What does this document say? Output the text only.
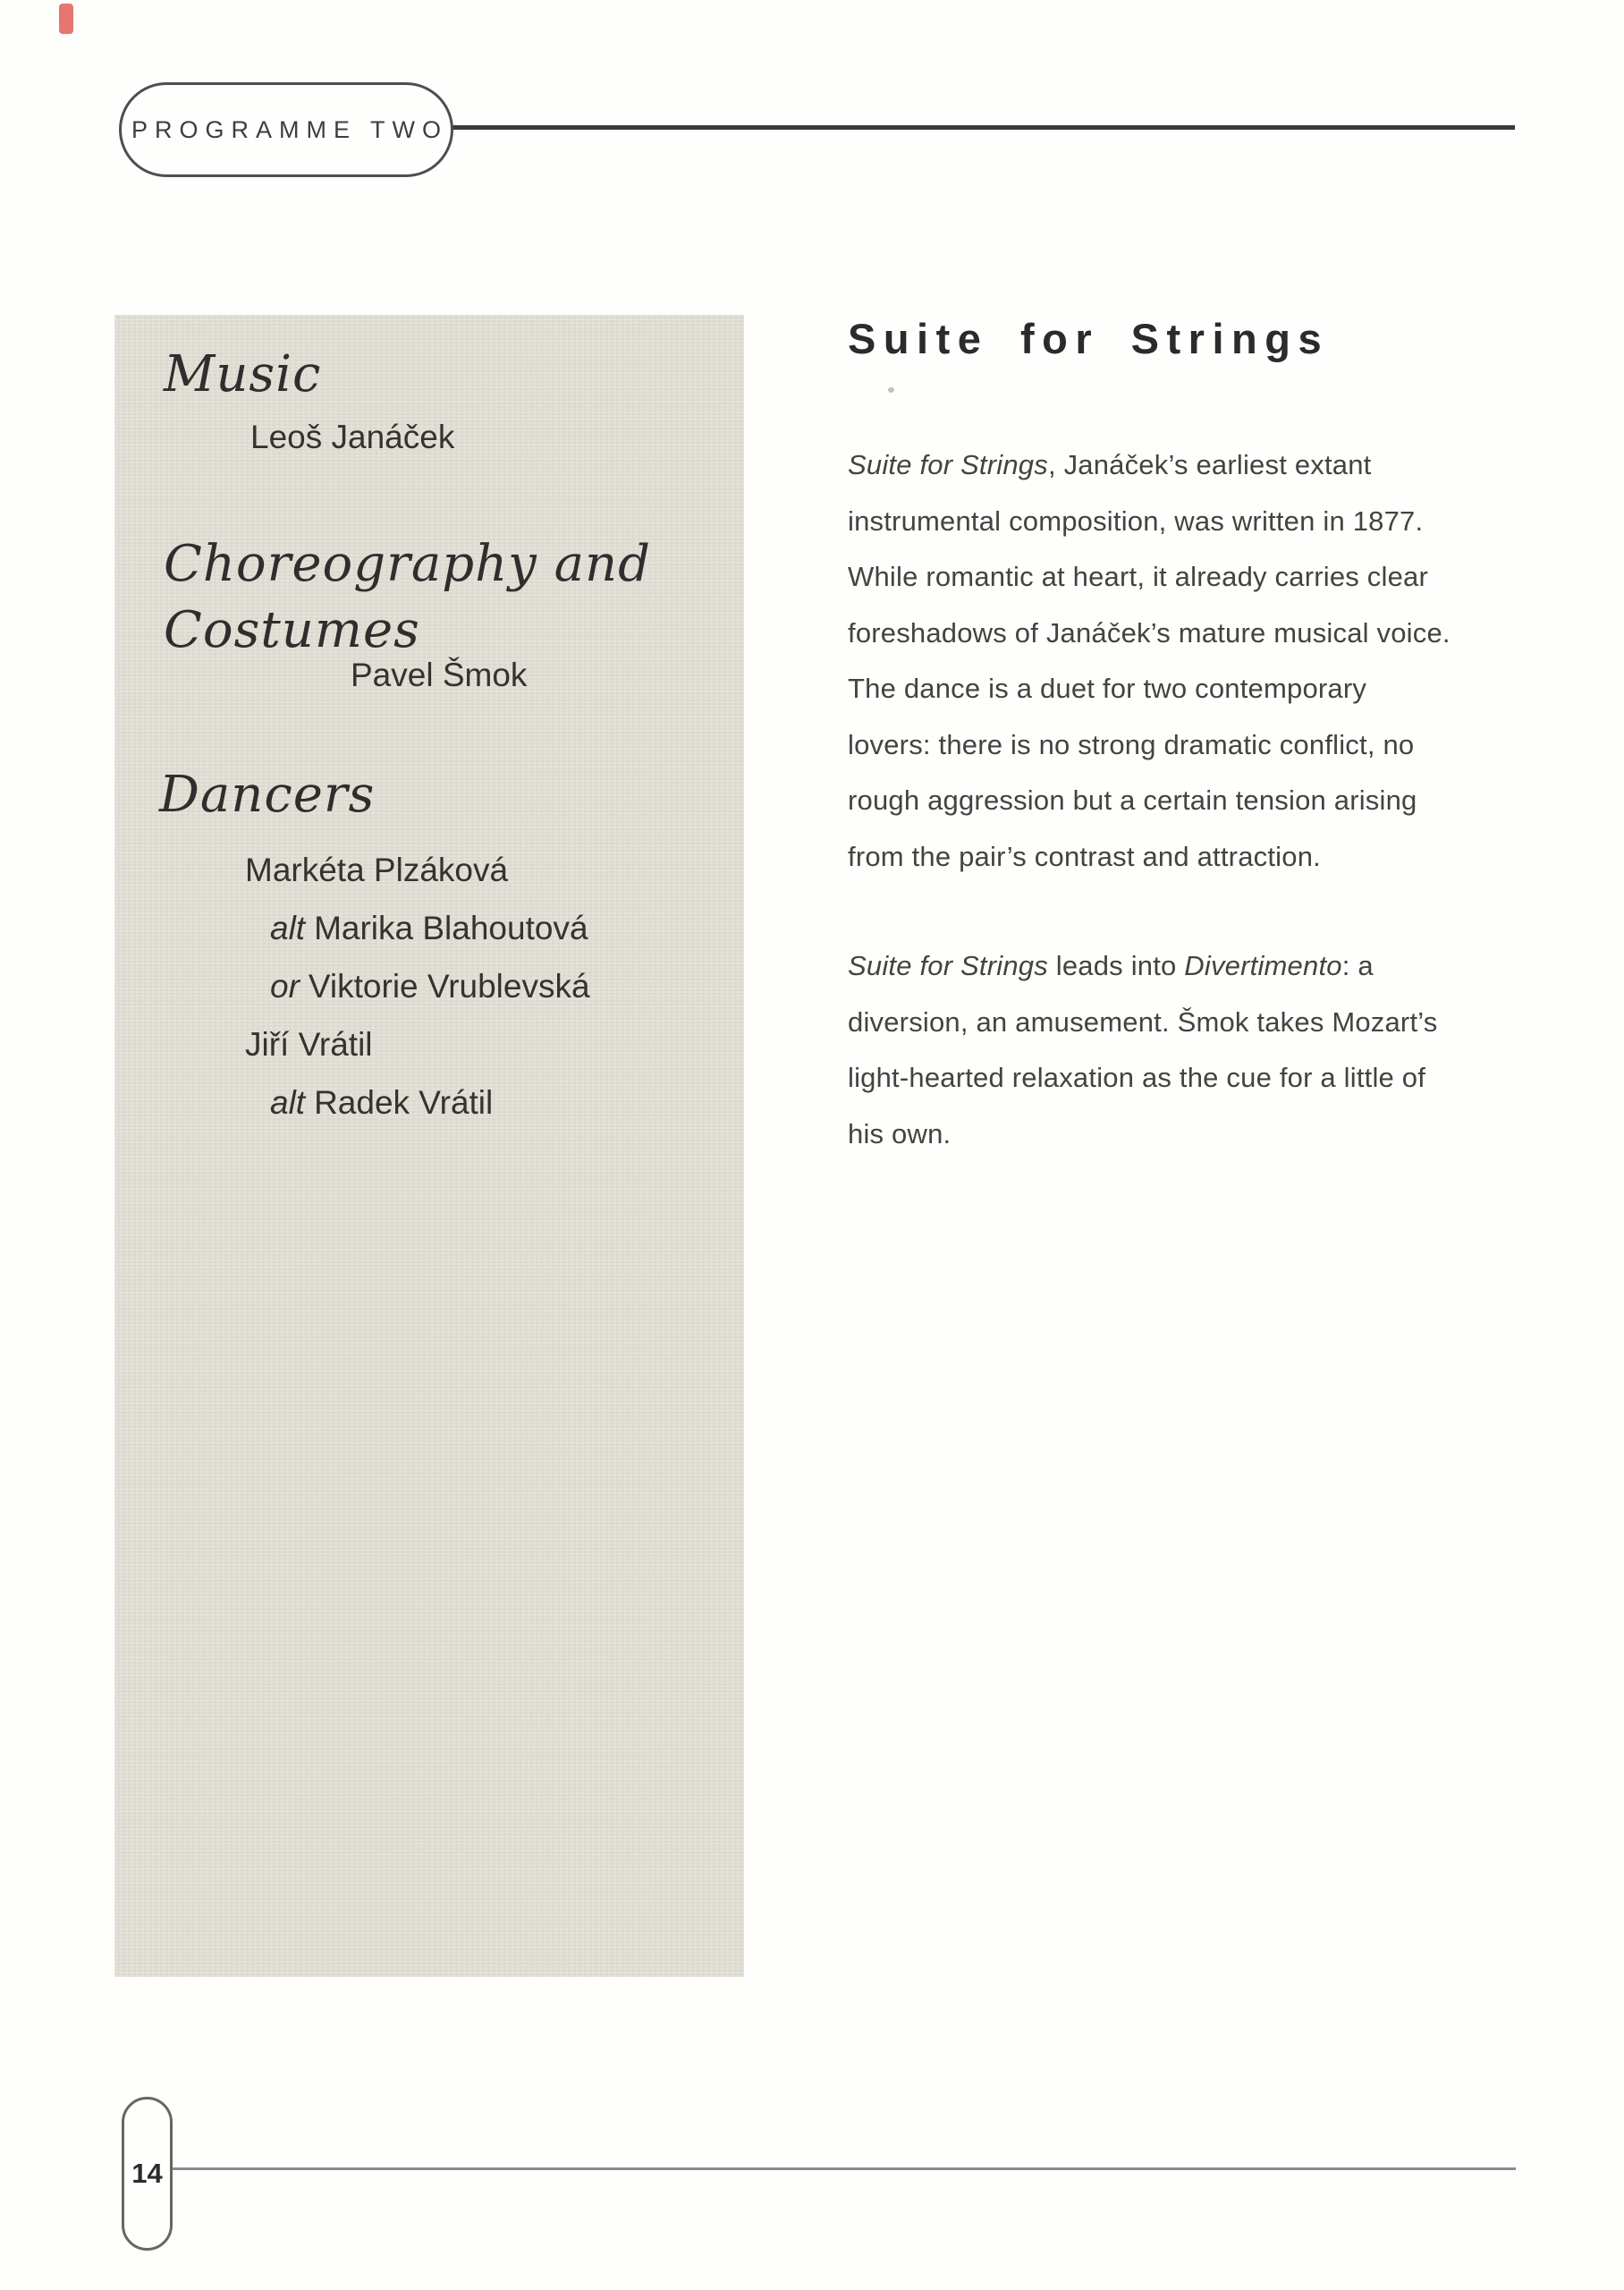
PROGRAMME TWO
Music
Leoš Janáček
Choreography and
Costumes
Pavel Šmok
Dancers
Markéta Plzáková
alt Marika Blahoutová
or Viktorie Vrublevská
Jiří Vrátil
alt Radek Vrátil
Suite for Strings
Suite for Strings, Janáček’s earliest extant
instrumental composition, was written in 1877.
While romantic at heart, it already carries clear
foreshadows of Janáček’s mature musical voice.
The dance is a duet for two contemporary
lovers: there is no strong dramatic conflict, no
rough aggression but a certain tension arising
from the pair’s contrast and attraction.
Suite for Strings leads into Divertimento: a
diversion, an amusement. Šmok takes Mozart’s
light-hearted relaxation as the cue for a little of
his own.
14
